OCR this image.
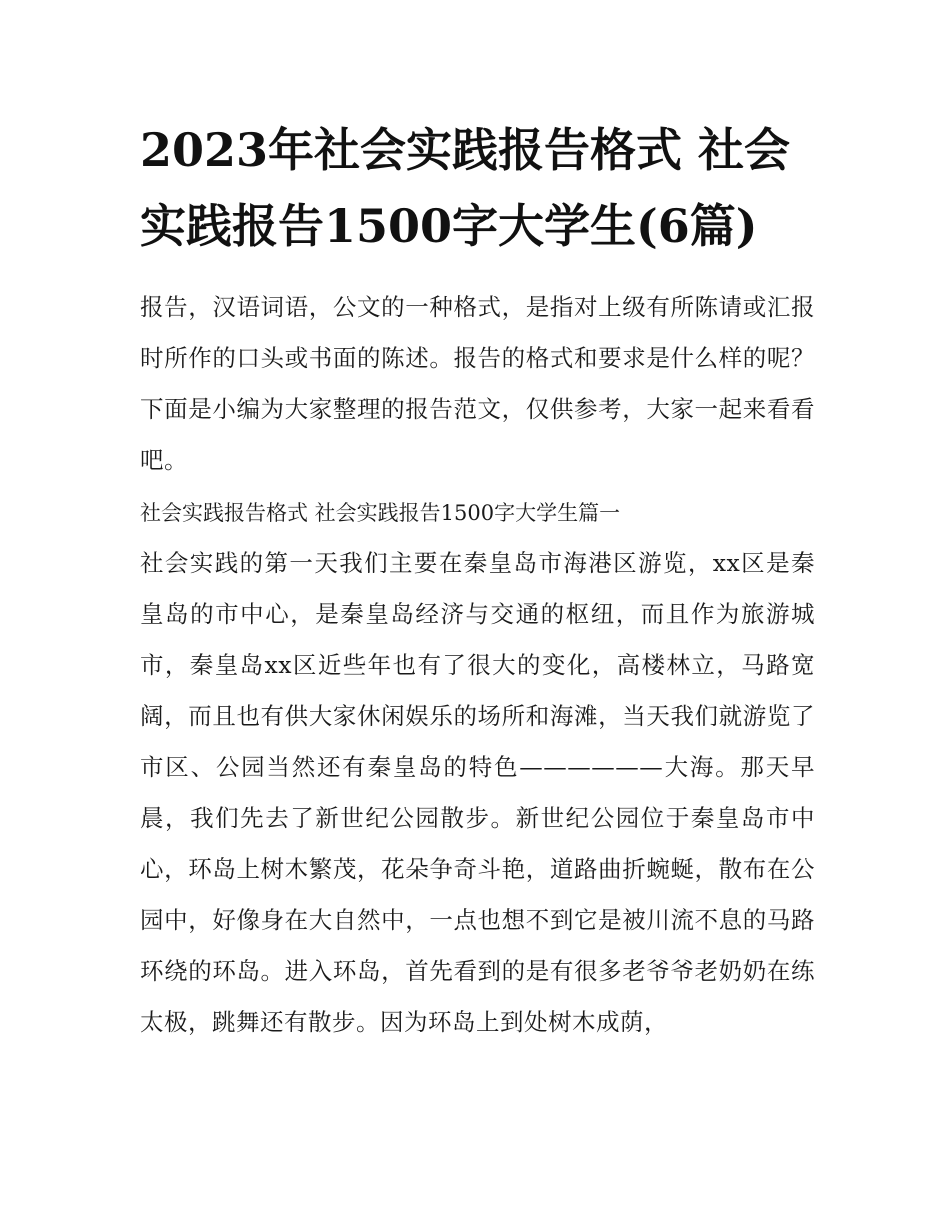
2023年社会实践报告格式 社会实践报告1500字大学生(6篇)

报告，汉语词语，公文的一种格式，是指对上级有所陈请或汇报时所作的口头或书面的陈述。报告的格式和要求是什么样的呢？下面是小编为大家整理的报告范文，仅供参考，大家一起来看看吧。

社会实践报告格式 社会实践报告1500字大学生篇一

社会实践的第一天我们主要在秦皇岛市海港区游览，xx区是秦皇岛的市中心，是秦皇岛经济与交通的枢纽，而且作为旅游城市，秦皇岛xx区近些年也有了很大的变化，高楼林立，马路宽阔，而且也有供大家休闲娱乐的场所和海滩，当天我们就游览了市区、公园当然还有秦皇岛的特色——————大海。那天早晨，我们先去了新世纪公园散步。新世纪公园位于秦皇岛市中心，环岛上树木繁茂，花朵争奇斗艳，道路曲折蜿蜒，散布在公园中，好像身在大自然中，一点也想不到它是被川流不息的马路环绕的环岛。进入环岛，首先看到的是有很多老爷爷老奶奶在练太极，跳舞还有散步。因为环岛上到处树木成荫，
